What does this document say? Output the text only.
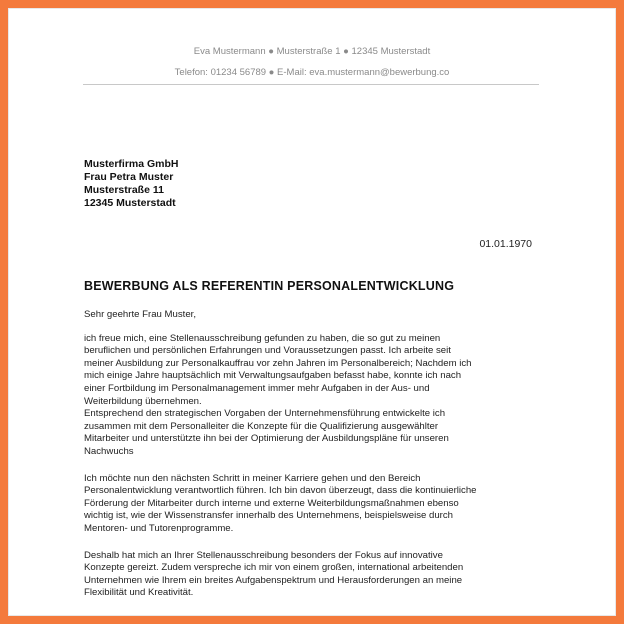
Eva Mustermann ● Musterstraße 1 ● 12345 Musterstadt
Telefon: 01234 56789 ● E-Mail: eva.mustermann@bewerbung.co
Musterfirma GmbH
Frau Petra Muster
Musterstraße 11
12345 Musterstadt
01.01.1970
BEWERBUNG ALS REFERENTIN PERSONALENTWICKLUNG

Sehr geehrte Frau Muster,

ich freue mich, eine Stellenausschreibung gefunden zu haben, die so gut zu meinen
beruflichen und persönlichen Erfahrungen und Voraussetzungen passt. Ich arbeite seit
meiner Ausbildung zur Personalkauffrau vor zehn Jahren im Personalbereich; Nachdem ich
mich einige Jahre hauptsächlich mit Verwaltungsaufgaben befasst habe, konnte ich nach
einer Fortbildung im Personalmanagement immer mehr Aufgaben in der Aus- und
Weiterbildung übernehmen.
Entsprechend den strategischen Vorgaben der Unternehmensführung entwickelte ich
zusammen mit dem Personalleiter die Konzepte für die Qualifizierung ausgewählter
Mitarbeiter und unterstützte ihn bei der Optimierung der Ausbildungspläne für unseren
Nachwuchs

Ich möchte nun den nächsten Schritt in meiner Karriere gehen und den Bereich
Personalentwicklung verantwortlich führen. Ich bin davon überzeugt, dass die kontinuierliche
Förderung der Mitarbeiter durch interne und externe Weiterbildungsmaßnahmen ebenso
wichtig ist, wie der Wissenstransfer innerhalb des Unternehmens, beispielsweise durch
Mentoren- und Tutorenprogramme.

Deshalb hat mich an Ihrer Stellenausschreibung besonders der Fokus auf innovative
Konzepte gereizt. Zudem verspreche ich mir von einem großen, international arbeitenden
Unternehmen wie Ihrem ein breites Aufgabenspektrum und Herausforderungen an meine
Flexibilität und Kreativität.
